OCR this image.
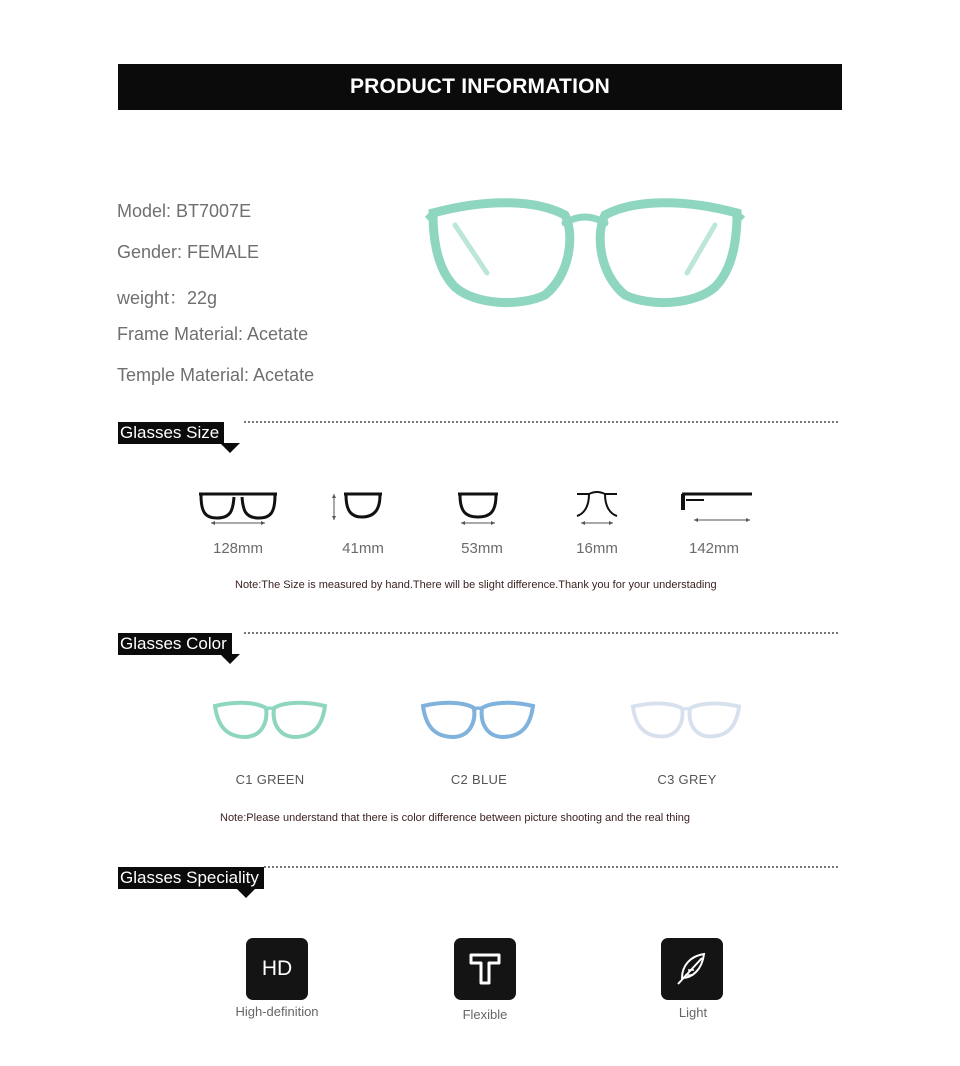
PRODUCT INFORMATION
Model: BT7007E
Gender: FEMALE
weight：22g
Frame Material: Acetate
Temple Material: Acetate
Glasses Size
128mm	41mm	53mm	16mm	142mm
Note:The Size is measured by hand.There will be slight difference.Thank you for your understading
Glasses Color
C1 GREEN	C2 BLUE	C3 GREY
Note:Please understand that there is color difference between picture shooting and the real thing
Glasses Speciality
HD
High-definition	Flexible	Light
